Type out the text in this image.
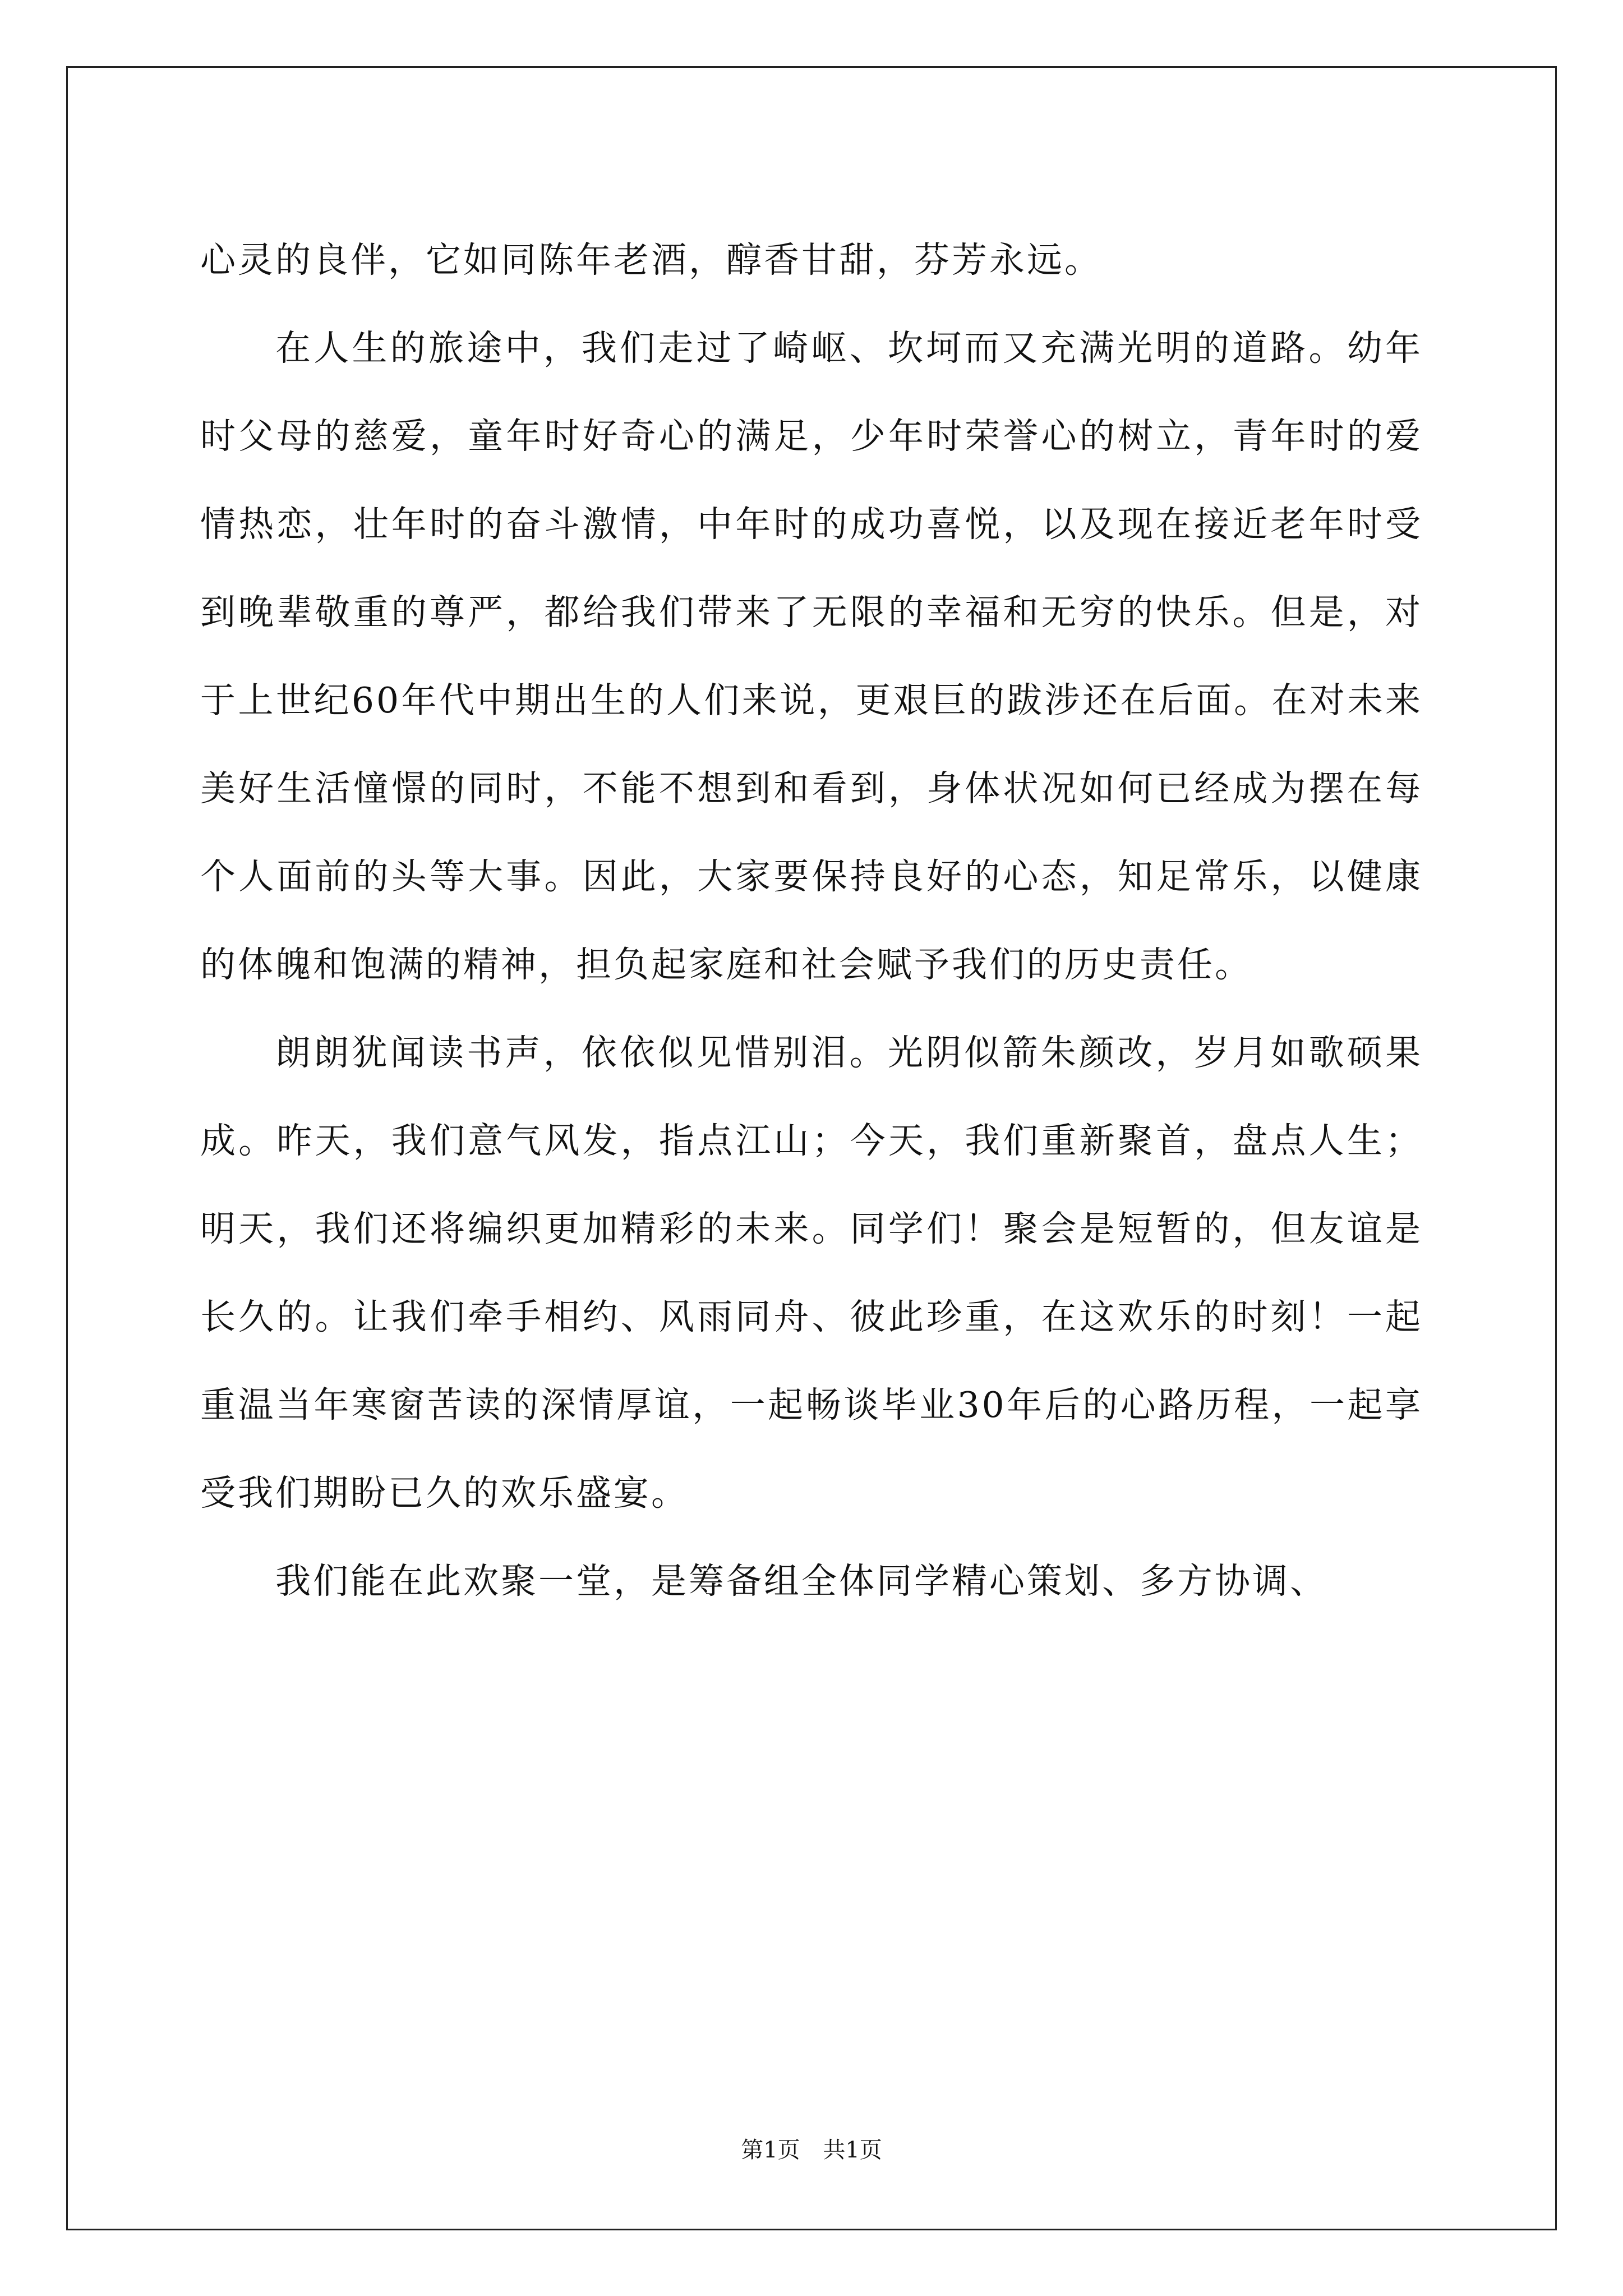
心灵的良伴，它如同陈年老酒，醇香甘甜，芬芳永远。

在人生的旅途中，我们走过了崎岖、坎坷而又充满光明的道路。幼年时父母的慈爱，童年时好奇心的满足，少年时荣誉心的树立，青年时的爱情热恋，壮年时的奋斗激情，中年时的成功喜悦，以及现在接近老年时受到晚辈敬重的尊严，都给我们带来了无限的幸福和无穷的快乐。但是，对于上世纪60年代中期出生的人们来说，更艰巨的跋涉还在后面。在对未来美好生活憧憬的同时，不能不想到和看到，身体状况如何已经成为摆在每个人面前的头等大事。因此，大家要保持良好的心态，知足常乐，以健康的体魄和饱满的精神，担负起家庭和社会赋予我们的历史责任。

朗朗犹闻读书声，依依似见惜别泪。光阴似箭朱颜改，岁月如歌硕果成。昨天，我们意气风发，指点江山；今天，我们重新聚首，盘点人生；明天，我们还将编织更加精彩的未来。同学们！聚会是短暂的，但友谊是长久的。让我们牵手相约、风雨同舟、彼此珍重，在这欢乐的时刻！一起重温当年寒窗苦读的深情厚谊，一起畅谈毕业30年后的心路历程，一起享受我们期盼已久的欢乐盛宴。

我们能在此欢聚一堂，是筹备组全体同学精心策划、多方协调、

第1页 共1页
